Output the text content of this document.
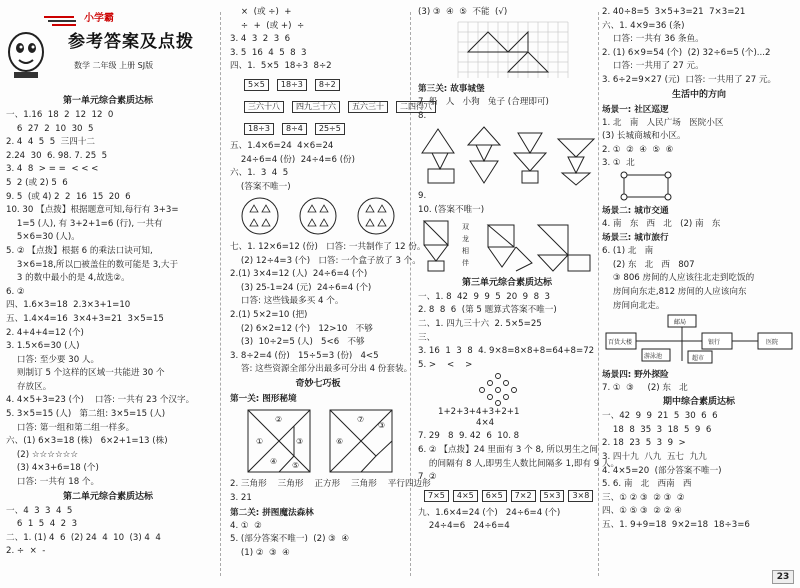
小学霸
参考答案及点拨
数学 二年级 上册 SJ版
第一单元综合素质达标
一、1.16  18  2  12  12  0
6  27  2  10  30  5
2. 4  4  5  5  三四十二
2.24  30  6. 98. 7. 25  5
3. 4  8  > = =  < < <
5  2 (或 2) 5  6
9. 5  (或 4) 2  2  16  15  20  6
10. 30 【点拨】根据题意可知,每行有 3+3=
1=5 (人), 有 3+2+1=6 (行), 一共有
5×6=30 (人)。
5. ② 【点拨】根据 6 的乘法口诀可知,
3×6=18,所以□被盖住的数可能是 3,大于
3 的数中最小的是 4,故选②。
6. ②
四、1.6×3=18  2.3×3+1=10
五、1.4×4=16  3×4+3=21  3×5=15
2. 4+4+4=12 (个)
3. 1.5×6=30 (人)
口答: 至少要 30 人。
则制订 5 个这样的区域一共能进 30 个
存放区。
4. 4×5+3=23 (个)    口答: 一共有 23 个汉字。
5. 3×5=15 (人)   第二组: 3×5=15 (人)
口答: 第一组和第二组一样多。
六、(1) 6×3=18 (株)   6×2+1=13 (株)
(2) ☆☆☆☆☆☆
(3) 4×3+6=18 (个)
口答: 一共有 18 个。
第二单元综合素质达标
一、4  3  3  4  5
6  1  5  4  2  3
二、1. (1) 4  6  (2) 24  4  10  (3) 4  4
2. ÷  ×  -
×  (或 ÷)  +
÷  +  (或 +)  ÷
3. 4  3  2  3  6
3. 5  16  4  5  8  3
四、1.  5×5  18÷3  8÷2
5×5	18÷3	8÷2
三六十八	四九三十六	五六三十	二四得八
18÷3	8÷4	25÷5
五、1.4×6=24  4×6=24
24÷6=4 (份)  24÷4=6 (份)
六、1.  3  4  5
(答案不唯一)
七、1. 12×6=12 (份)   口答: 一共制作了 12 份。
(2) 12÷4=3 (个)   口答: 一个盒子放了 3 个。
2.(1) 3×4=12 (人)  24÷6=4 (个)
(3) 25-1=24 (元)  24÷6=4 (个)
口答: 这些钱最多买 4 个。
2.(1) 5×2=10 (把)
(2) 6×2=12 (个)   12>10   不够
(3)  10÷2=5 (人)   5<6   不够
3. 8÷2=4 (份)   15÷5=3 (份)   4<5
答: 这些资源全部分出最多可分出 4 份套装。
奇妙七巧板
第一关: 图形秘境
②
①	③
④ ⑤
⑦
⑥
③
2. 三角形    三角形    正方形    三角形    平行四边形
3. 21
第二关: 拼图魔法森林
4. ①  ②
5. (部分答案不唯一)  (2) ③  ④
(1) ②  ③  ④
(3) ③  ④  ⑤  不能  (√)
第三关: 故事城堡
7. 船   人   小狗   兔子 (合理即可)
8.
9.
10. (答案不唯一)
双
龙
相
伴
第三单元综合素质达标
一、1. 8  42  9  9  5  20  9  8  3
2. 8  8  6  (第 5 题算式答案不唯一)
二、1. 四九三十六  2. 5×5=25
三、
3. 16  1  3  8  4. 9×8=8×8+8=64+8=72
5. >    <    >
1+2+3+4+3+2+1
4×4
7. 29   8  9. 42  6  10. 8
6. ② 【点拨】24 里面有 3 个 8, 所以男生之间
的间隔有 8 人,即男生人数比间隔多 1,即有 9 人。
7. ②
7×5	4×5	6×5	7×2	5×3	3×8
九、1.6×4=24 (个)   24÷6=4 (个)
24÷4=6   24÷6=4
2. 40÷8=5  3×5+3=21  7×3=21
六、1. 4×9=36 (条)
口答: 一共有 36 条鱼。
2. (1) 6×9=54 (个)  (2) 32÷6=5 (个)...2
口答: 一共用了 27 元。
3. 6÷2=9×27 (元)  口答: 一共用了 27 元。
生活中的方向
场景一: 社区巡逻
1. 北   南   人民广场   医院小区
(3) 长城商城和小区。
2. ①  ②  ④  ⑤  ⑥
3. ①  北
场景二: 城市交通
4. 南   东   西   北   (2) 南   东
场景三: 城市旅行
6. (1) 北   南
(2) 东   北   西   807
③ 806 房间的人应该往北走到吃饭的
房间向东走,812 房间的人应该向东
房间向北走。
百货大楼
邮局
银行	医院
游泳池	超市
场景四: 野外探险
7. ①  ③     (2) 东   北
期中综合素质达标
一、42  9  9  21  5  30  6  6
18  8  35  3  18  5  9  6
2. 18  23  5  3  9  >
3. 四十九  八九  五七  九九
4. 4×5=20  (部分答案不唯一)
5. 6. 南   北   西南   西
三、① ② ③  ② ③  ②
四、① ⑤ ③  ② ② ④
五、1. 9+9=18  9×2=18  18÷3=6
23
